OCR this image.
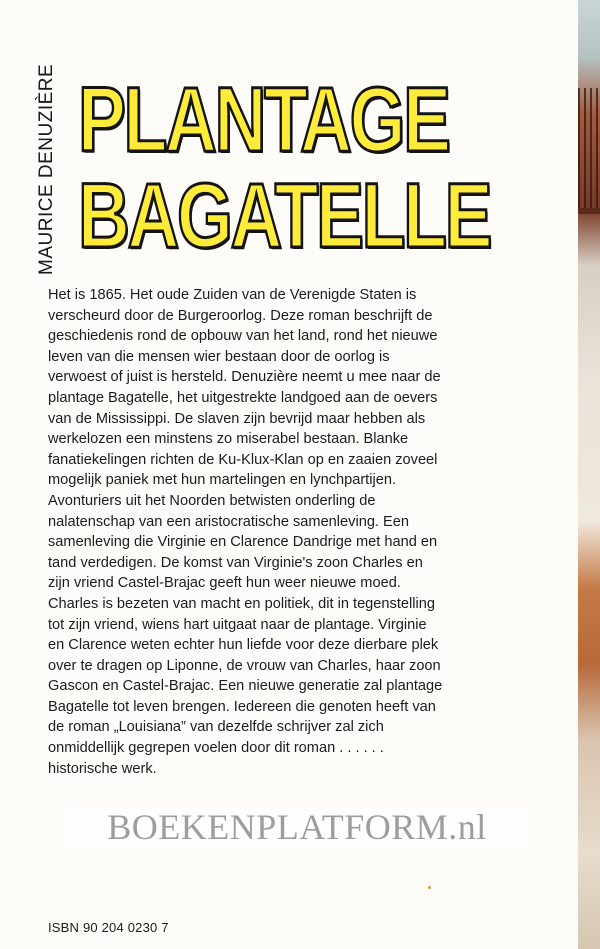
MAURICE DENUZIÈRE PLANTAGE
BAGATELLE

Het is 1865. Het oude Zuiden van de Verenigde Staten is verscheurd door de Burgeroorlog. Deze roman beschrijft de geschiedenis rond de opbouw van het land, rond het nieuwe leven van die mensen wier bestaan door de oorlog is verwoest of juist is hersteld. Denuzière neemt u mee naar de plantage Bagatelle, het uitgestrekte landgoed aan de oevers van de Mississippi. De slaven zijn bevrijd maar hebben als werkelozen een minstens zo miserabel bestaan. Blanke fanatiekelingen richten de Ku-Klux-Klan op en zaaien zoveel mogelijk paniek met hun martelingen en lynchpartijen. Avonturiers uit het Noorden betwisten onderling de nalatenschap van een aristocratische samenleving. Een samenleving die Virginie en Clarence Dandrige met hand en tand verdedigen. De komst van Virginie's zoon Charles en zijn vriend Castel-Brajac geeft hun weer nieuwe moed. Charles is bezeten van macht en politiek, dit in tegenstelling tot zijn vriend, wiens hart uitgaat naar de plantage. Virginie en Clarence weten echter hun liefde voor deze dierbare plek over te dragen op Liponne, de vrouw van Charles, haar zoon Gascon en Castel-Brajac. Een nieuwe generatie zal plantage Bagatelle tot leven brengen. Iedereen die genoten heeft van de roman „Louisiana” van dezelfde schrijver zal zich onmiddellijk gegrepen voelen door dit roman . . . . . . historische werk.

BOEKENPLATFORM.nl
ISBN 90 204 0230 7
